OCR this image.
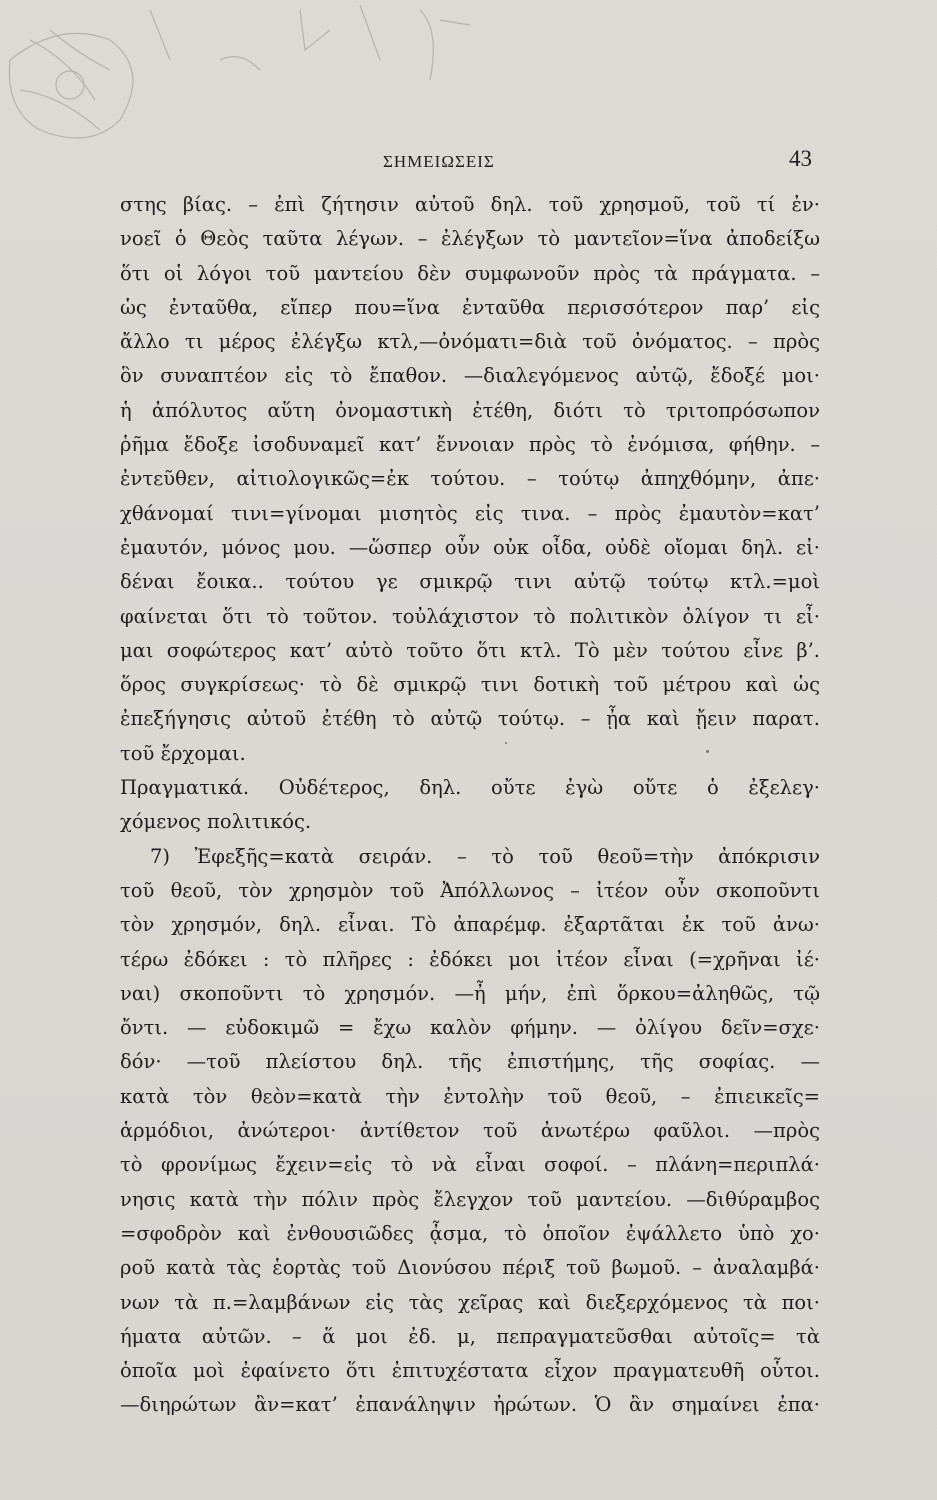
ΣΗΜΕΙΩΣΕΙΣ	43
στης βίας. – ἐπὶ ζήτησιν αὐτοῦ δηλ. τοῦ χρησμοῦ, τοῦ τί ἐν·
νοεῖ ὁ Θεὸς ταῦτα λέγων. – ἐλέγξων τὸ μαντεῖον=ἵνα ἀποδείξω
ὅτι οἱ λόγοι τοῦ μαντείου δὲν συμφωνοῦν πρὸς τὰ πράγματα. –
ὡς ἐνταῦθα, εἴπερ που=ἵνα ἐνταῦθα περισσότερον παρ’ εἰς
ἄλλο τι μέρος ἐλέγξω κτλ,—ὀνόματι=διὰ τοῦ ὀνόματος. – πρὸς
ὃν συναπτέον εἰς τὸ ἔπαθον. —διαλεγόμενος αὐτῷ, ἔδοξέ μοι·
ἡ ἀπόλυτος αὕτη ὀνομαστικὴ ἐτέθη, διότι τὸ τριτοπρόσωπον
ῥῆμα ἔδοξε ἰσοδυναμεῖ κατ’ ἔννοιαν πρὸς τὸ ἐνόμισα, φήθην. –
ἐντεῦθεν, αἰτιολογικῶς=ἐκ τούτου. – τούτῳ ἀπηχθόμην, ἀπε·
χθάνομαί τινι=γίνομαι μισητὸς εἰς τινα. – πρὸς ἐμαυτὸν=κατ’
ἐμαυτόν, μόνος μου. —ὥσπερ οὖν οὐκ οἶδα, οὐδὲ οἴομαι δηλ. εἰ·
δέναι ἔοικα.. τούτου γε σμικρῷ τινι αὐτῷ τούτῳ κτλ.=μοὶ
φαίνεται ὅτι τὸ τοῦτον. τοὐλάχιστον τὸ πολιτικὸν ὀλίγον τι εἶ·
μαι σοφώτερος κατ’ αὐτὸ τοῦτο ὅτι κτλ. Τὸ μὲν τούτου εἶνε β’.
ὅρος συγκρίσεως· τὸ δὲ σμικρῷ τινι δοτικὴ τοῦ μέτρου καὶ ὡς
ἐπεξήγησις αὐτοῦ ἐτέθη τὸ αὐτῷ τούτῳ. – ᾖα καὶ ᾔειν παρατ.
τοῦ ἔρχομαι.
Πραγματικά. Οὐδέτερος, δηλ. οὔτε ἐγὼ οὔτε ὁ ἐξελεγ·
χόμενος πολιτικός.
7) Ἐφεξῆς=κατὰ σειράν. – τὸ τοῦ θεοῦ=τὴν ἀπόκρισιν
τοῦ θεοῦ, τὸν χρησμὸν τοῦ Ἀπόλλωνος – ἰτέον οὖν σκοποῦντι
τὸν χρησμόν, δηλ. εἶναι. Τὸ ἀπαρέμφ. ἐξαρτᾶται ἐκ τοῦ ἀνω·
τέρω ἐδόκει : τὸ πλῆρες : ἐδόκει μοι ἰτέον εἶναι (=χρῆναι ἰέ·
ναι) σκοποῦντι τὸ χρησμόν. —ἦ μήν, ἐπὶ ὅρκου=ἀληθῶς, τῷ
ὄντι. — εὐδοκιμῶ = ἔχω καλὸν φήμην. — ὀλίγου δεῖν=σχε·
δόν· —τοῦ πλείστου δηλ. τῆς ἐπιστήμης, τῆς σοφίας. —
κατὰ τὸν θεὸν=κατὰ τὴν ἐντολὴν τοῦ θεοῦ, – ἐπιεικεῖς=
ἁρμόδιοι, ἀνώτεροι· ἀντίθετον τοῦ ἀνωτέρω φαῦλοι. —πρὸς
τὸ φρονίμως ἔχειν=εἰς τὸ νὰ εἶναι σοφοί. – πλάνη=περιπλά·
νησις κατὰ τὴν πόλιν πρὸς ἔλεγχον τοῦ μαντείου. —διθύραμβος
=σφοδρὸν καὶ ἐνθουσιῶδες ᾆσμα, τὸ ὁποῖον ἐψάλλετο ὑπὸ χο·
ροῦ κατὰ τὰς ἑορτὰς τοῦ Διονύσου πέριξ τοῦ βωμοῦ. – ἀναλαμβά·
νων τὰ π.=λαμβάνων εἰς τὰς χεῖρας καὶ διεξερχόμενος τὰ ποι·
ήματα αὐτῶν. – ἅ μοι ἐδ. μ, πεπραγματεῦσθαι αὐτοῖς= τὰ
ὁποῖα μοὶ ἐφαίνετο ὅτι ἐπιτυχέστατα εἶχον πραγματευθῆ οὗτοι.
—διηρώτων ἂν=κατ’ ἐπανάληψιν ἠρώτων. Ὁ ἂν σημαίνει ἐπα·
